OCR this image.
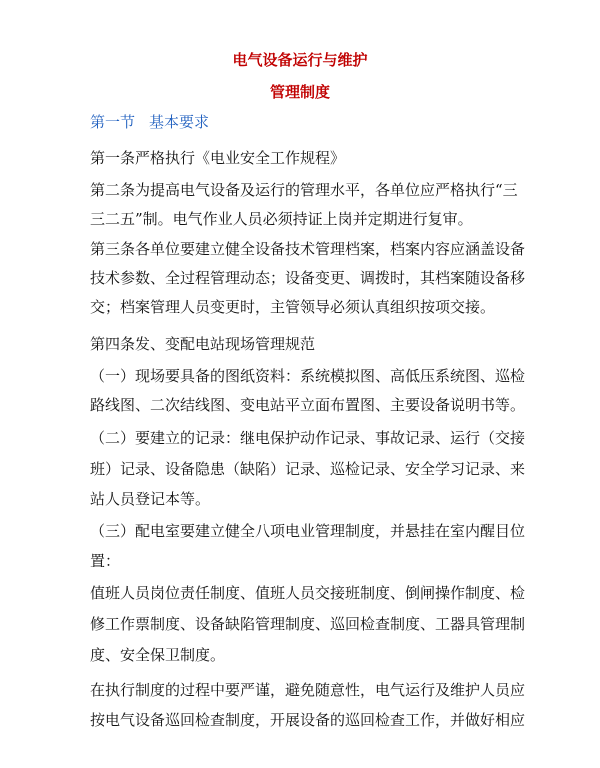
电气设备运行与维护
管理制度

第一节 基本要求

第一条严格执行《电业安全工作规程》

第二条为提高电气设备及运行的管理水平，各单位应严格执行“三

三二五”制。电气作业人员必须持证上岗并定期进行复审。

第三条各单位要建立健全设备技术管理档案，档案内容应涵盖设备

技术参数、全过程管理动态；设备变更、调拨时，其档案随设备移

交；档案管理人员变更时，主管领导必须认真组织按项交接。

第四条发、变配电站现场管理规范

（一）现场要具备的图纸资料：系统模拟图、高低压系统图、巡检

路线图、二次结线图、变电站平立面布置图、主要设备说明书等。

（二）要建立的记录：继电保护动作记录、事故记录、运行（交接

班）记录、设备隐患（缺陷）记录、巡检记录、安全学习记录、来

站人员登记本等。

（三）配电室要建立健全八项电业管理制度，并悬挂在室内醒目位

置：

值班人员岗位责任制度、值班人员交接班制度、倒闸操作制度、检

修工作票制度、设备缺陷管理制度、巡回检查制度、工器具管理制

度、安全保卫制度。

在执行制度的过程中要严谨，避免随意性，电气运行及维护人员应

按电气设备巡回检查制度，开展设备的巡回检查工作，并做好相应
